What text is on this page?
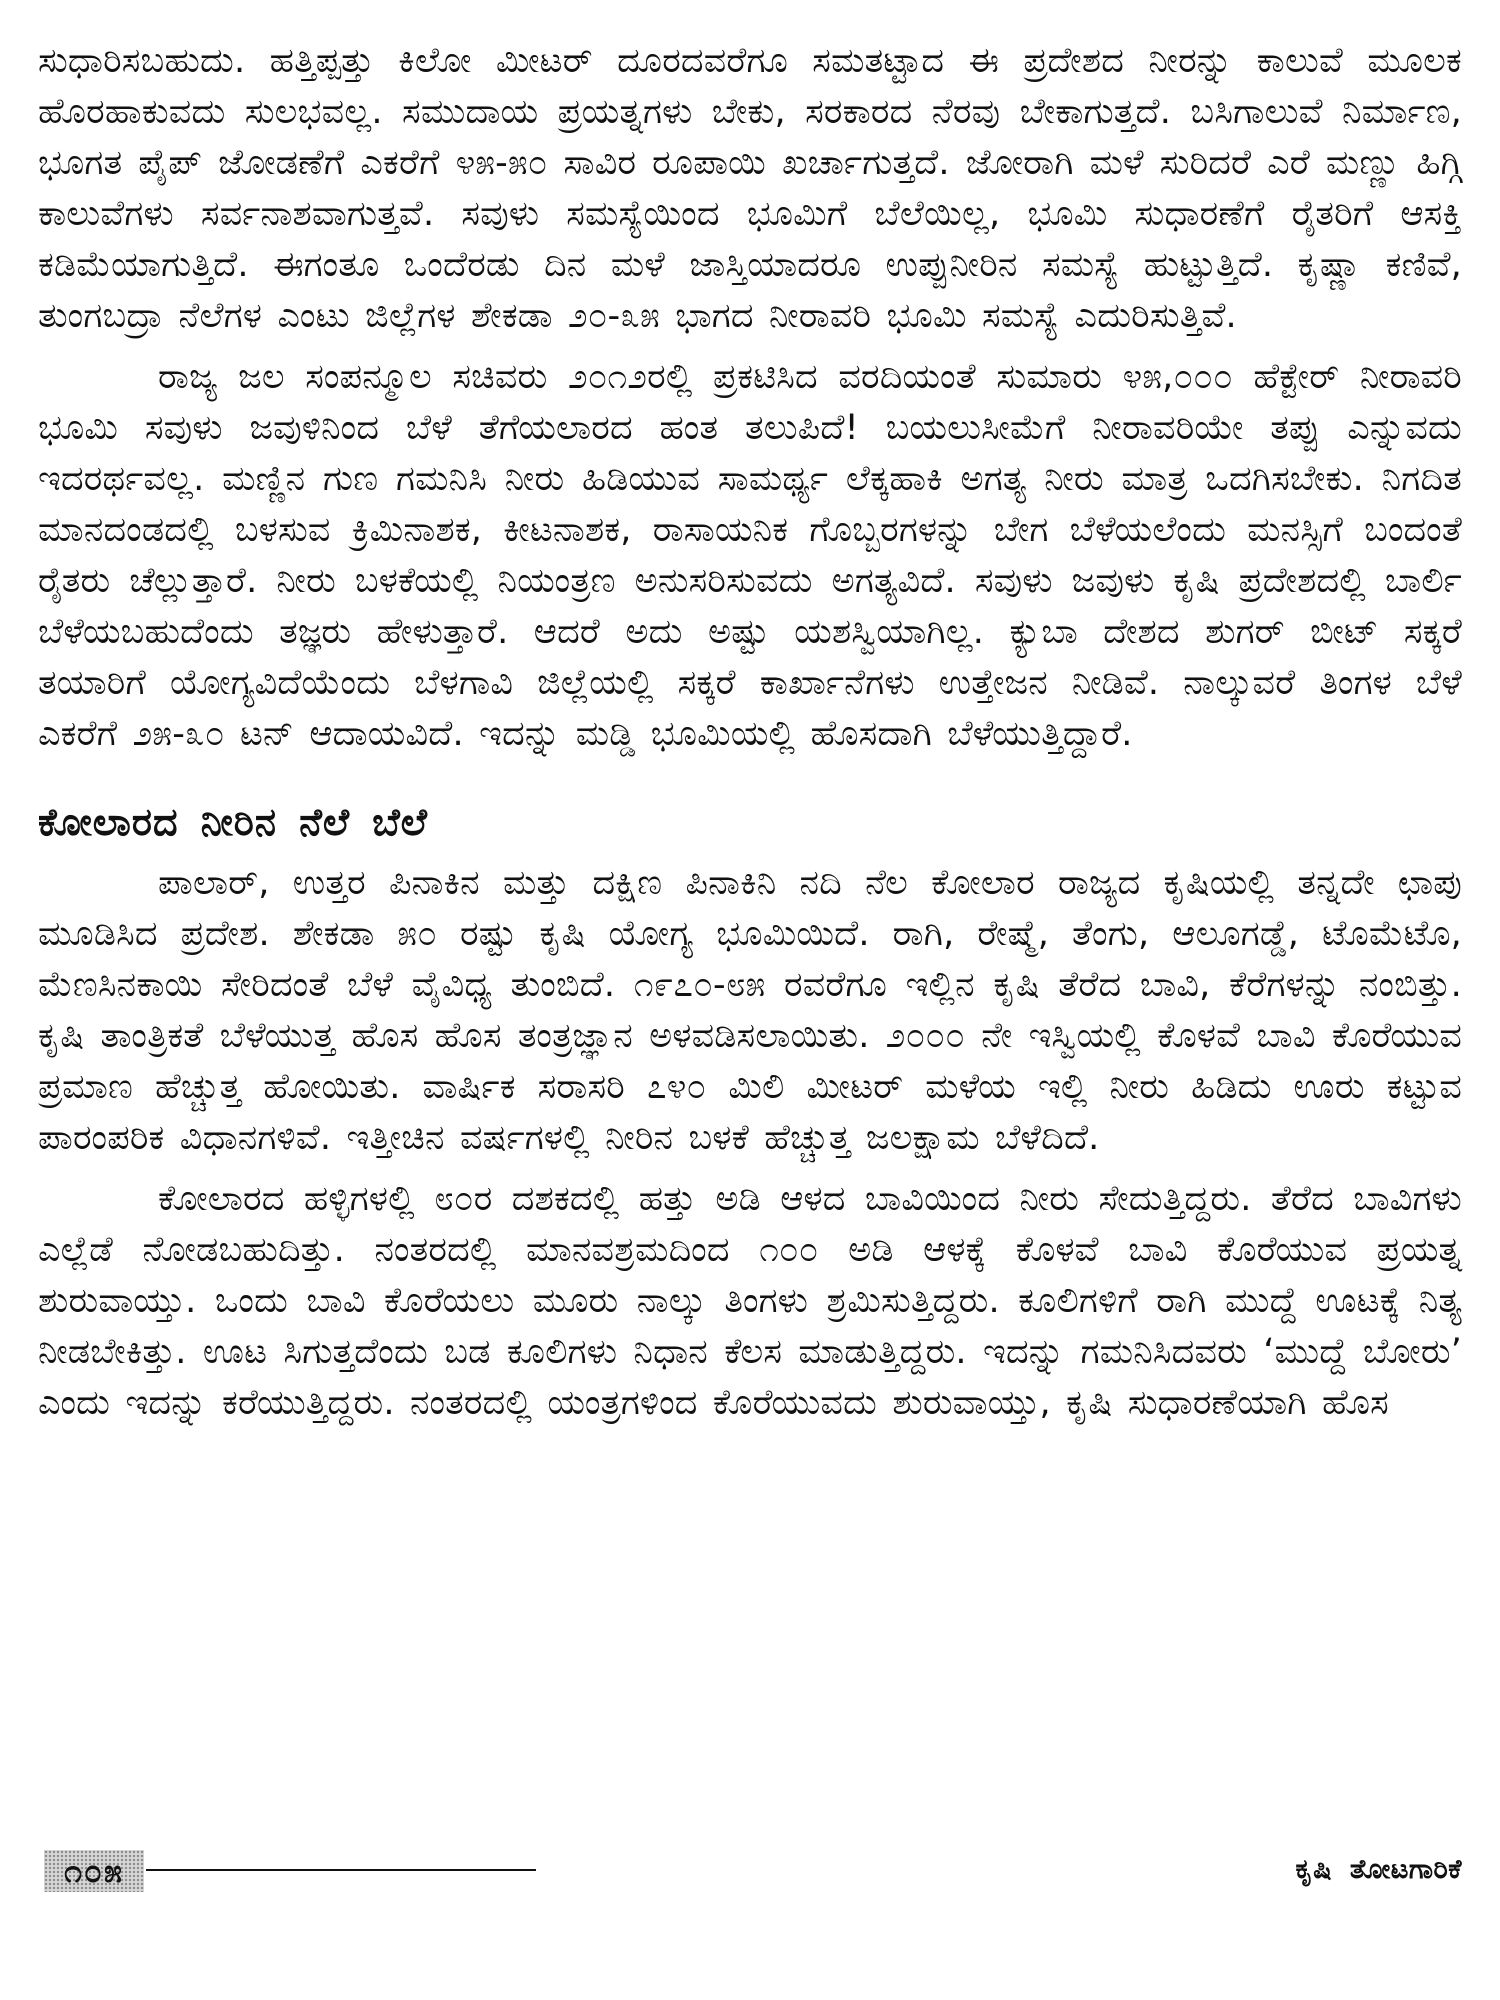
ಸುಧಾರಿಸಬಹುದು. ಹತ್ತಿಪ್ಪತ್ತು ಕಿಲೋ ಮೀಟರ್ ದೂರದವರೆಗೂ ಸಮತಟ್ಟಾದ ಈ ಪ್ರದೇಶದ ನೀರನ್ನು ಕಾಲುವೆ ಮೂಲಕ ಹೊರಹಾಕುವದು ಸುಲಭವಲ್ಲ. ಸಮುದಾಯ ಪ್ರಯತ್ನಗಳು ಬೇಕು, ಸರಕಾರದ ನೆರವು ಬೇಕಾಗುತ್ತದೆ. ಬಸಿಗಾಲುವೆ ನಿರ್ಮಾಣ, ಭೂಗತ ಪೈಪ್ ಜೋಡಣೆಗೆ ಎಕರೆಗೆ ೪೫-೫೦ ಸಾವಿರ ರೂಪಾಯಿ ಖರ್ಚಾಗುತ್ತದೆ. ಜೋರಾಗಿ ಮಳೆ ಸುರಿದರೆ ಎರೆ ಮಣ್ಣು ಹಿಗ್ಗಿ ಕಾಲುವೆಗಳು ಸರ್ವನಾಶವಾಗುತ್ತವೆ. ಸವುಳು ಸಮಸ್ಯೆಯಿಂದ ಭೂಮಿಗೆ ಬೆಲೆಯಿಲ್ಲ, ಭೂಮಿ ಸುಧಾರಣೆಗೆ ರೈತರಿಗೆ ಆಸಕ್ತಿ ಕಡಿಮೆಯಾಗುತ್ತಿದೆ. ಈಗಂತೂ ಒಂದೆರಡು ದಿನ ಮಳೆ ಜಾಸ್ತಿಯಾದರೂ ಉಪ್ಪುನೀರಿನ ಸಮಸ್ಯೆ ಹುಟ್ಟುತ್ತಿದೆ. ಕೃಷ್ಣಾ ಕಣಿವೆ, ತುಂಗಬದ್ರಾ ನೆಲೆಗಳ ಎಂಟು ಜಿಲ್ಲೆಗಳ ಶೇಕಡಾ ೨೦-೩೫ ಭಾಗದ ನೀರಾವರಿ ಭೂಮಿ ಸಮಸ್ಯೆ ಎದುರಿಸುತ್ತಿವೆ.

ರಾಜ್ಯ ಜಲ ಸಂಪನ್ಮೂಲ ಸಚಿವರು ೨೦೧೨ರಲ್ಲಿ ಪ್ರಕಟಿಸಿದ ವರದಿಯಂತೆ ಸುಮಾರು ೪೫,೦೦೦ ಹೆಕ್ಟೇರ್ ನೀರಾವರಿ ಭೂಮಿ ಸವುಳು ಜವುಳಿನಿಂದ ಬೆಳೆ ತೆಗೆಯಲಾರದ ಹಂತ ತಲುಪಿದೆ! ಬಯಲುಸೀಮೆಗೆ ನೀರಾವರಿಯೇ ತಪ್ಪು ಎನ್ನುವದು ಇದರರ್ಥವಲ್ಲ. ಮಣ್ಣಿನ ಗುಣ ಗಮನಿಸಿ ನೀರು ಹಿಡಿಯುವ ಸಾಮರ್ಥ್ಯ ಲೆಕ್ಕಹಾಕಿ ಅಗತ್ಯ ನೀರು ಮಾತ್ರ ಒದಗಿಸಬೇಕು. ನಿಗದಿತ ಮಾನದಂಡದಲ್ಲಿ ಬಳಸುವ ಕ್ರಿಮಿನಾಶಕ, ಕೀಟನಾಶಕ, ರಾಸಾಯನಿಕ ಗೊಬ್ಬರಗಳನ್ನು ಬೇಗ ಬೆಳೆಯಲೆಂದು ಮನಸ್ಸಿಗೆ ಬಂದಂತೆ ರೈತರು ಚೆಲ್ಲುತ್ತಾರೆ. ನೀರು ಬಳಕೆಯಲ್ಲಿ ನಿಯಂತ್ರಣ ಅನುಸರಿಸುವದು ಅಗತ್ಯವಿದೆ. ಸವುಳು ಜವುಳು ಕೃಷಿ ಪ್ರದೇಶದಲ್ಲಿ ಬಾರ್ಲಿ ಬೆಳೆಯಬಹುದೆಂದು ತಜ್ಞರು ಹೇಳುತ್ತಾರೆ. ಆದರೆ ಅದು ಅಷ್ಟು ಯಶಸ್ವಿಯಾಗಿಲ್ಲ. ಕ್ಯುಬಾ ದೇಶದ ಶುಗರ್ ಬೀಟ್ ಸಕ್ಕರೆ ತಯಾರಿಗೆ ಯೋಗ್ಯವಿದೆಯೆಂದು ಬೆಳಗಾವಿ ಜಿಲ್ಲೆಯಲ್ಲಿ ಸಕ್ಕರೆ ಕಾರ್ಖಾನೆಗಳು ಉತ್ತೇಜನ ನೀಡಿವೆ. ನಾಲ್ಕುವರೆ ತಿಂಗಳ ಬೆಳೆ ಎಕರೆಗೆ ೨೫-೩೦ ಟನ್ ಆದಾಯವಿದೆ. ಇದನ್ನು ಮಡ್ಡಿ ಭೂಮಿಯಲ್ಲಿ ಹೊಸದಾಗಿ ಬೆಳೆಯುತ್ತಿದ್ದಾರೆ.

ಕೋಲಾರದ ನೀರಿನ ನೆಲೆ ಬೆಲೆ

ಪಾಲಾರ್, ಉತ್ತರ ಪಿನಾಕಿನ ಮತ್ತು ದಕ್ಷಿಣ ಪಿನಾಕಿನಿ ನದಿ ನೆಲ ಕೋಲಾರ ರಾಜ್ಯದ ಕೃಷಿಯಲ್ಲಿ ತನ್ನದೇ ಛಾಪು ಮೂಡಿಸಿದ ಪ್ರದೇಶ. ಶೇಕಡಾ ೫೦ ರಷ್ಟು ಕೃಷಿ ಯೋಗ್ಯ ಭೂಮಿಯಿದೆ. ರಾಗಿ, ರೇಷ್ಮೆ, ತೆಂಗು, ಆಲೂಗಡ್ಡೆ, ಟೊಮೆಟೊ, ಮೆಣಸಿನಕಾಯಿ ಸೇರಿದಂತೆ ಬೆಳೆ ವೈವಿಧ್ಯ ತುಂಬಿದೆ. ೧೯೭೦-೮೫ ರವರೆಗೂ ಇಲ್ಲಿನ ಕೃಷಿ ತೆರೆದ ಬಾವಿ, ಕೆರೆಗಳನ್ನು ನಂಬಿತ್ತು. ಕೃಷಿ ತಾಂತ್ರಿಕತೆ ಬೆಳೆಯುತ್ತ ಹೊಸ ಹೊಸ ತಂತ್ರಜ್ಞಾನ ಅಳವಡಿಸಲಾಯಿತು. ೨೦೦೦ ನೇ ಇಸ್ವಿಯಲ್ಲಿ ಕೊಳವೆ ಬಾವಿ ಕೊರೆಯುವ ಪ್ರಮಾಣ ಹೆಚ್ಚುತ್ತ ಹೋಯಿತು. ವಾರ್ಷಿಕ ಸರಾಸರಿ ೭೪೦ ಮಿಲಿ ಮೀಟರ್ ಮಳೆಯ ಇಲ್ಲಿ ನೀರು ಹಿಡಿದು ಊರು ಕಟ್ಟುವ ಪಾರಂಪರಿಕ ವಿಧಾನಗಳಿವೆ. ಇತ್ತೀಚಿನ ವರ್ಷಗಳಲ್ಲಿ ನೀರಿನ ಬಳಕೆ ಹೆಚ್ಚುತ್ತ ಜಲಕ್ಷಾಮ ಬೆಳೆದಿದೆ.

ಕೋಲಾರದ ಹಳ್ಳಿಗಳಲ್ಲಿ ೮೦ರ ದಶಕದಲ್ಲಿ ಹತ್ತು ಅಡಿ ಆಳದ ಬಾವಿಯಿಂದ ನೀರು ಸೇದುತ್ತಿದ್ದರು. ತೆರೆದ ಬಾವಿಗಳು ಎಲ್ಲೆಡೆ ನೋಡಬಹುದಿತ್ತು. ನಂತರದಲ್ಲಿ ಮಾನವಶ್ರಮದಿಂದ ೧೦೦ ಅಡಿ ಆಳಕ್ಕೆ ಕೊಳವೆ ಬಾವಿ ಕೊರೆಯುವ ಪ್ರಯತ್ನ ಶುರುವಾಯ್ತು. ಒಂದು ಬಾವಿ ಕೊರೆಯಲು ಮೂರು ನಾಲ್ಕು ತಿಂಗಳು ಶ್ರಮಿಸುತ್ತಿದ್ದರು. ಕೂಲಿಗಳಿಗೆ ರಾಗಿ ಮುದ್ದೆ ಊಟಕ್ಕೆ ನಿತ್ಯ ನೀಡಬೇಕಿತ್ತು. ಊಟ ಸಿಗುತ್ತದೆಂದು ಬಡ ಕೂಲಿಗಳು ನಿಧಾನ ಕೆಲಸ ಮಾಡುತ್ತಿದ್ದರು. ಇದನ್ನು ಗಮನಿಸಿದವರು ‘ಮುದ್ದೆ ಬೋರು’ ಎಂದು ಇದನ್ನು ಕರೆಯುತ್ತಿದ್ದರು. ನಂತರದಲ್ಲಿ ಯಂತ್ರಗಳಿಂದ ಕೊರೆಯುವದು ಶುರುವಾಯ್ತು, ಕೃಷಿ ಸುಧಾರಣೆಯಾಗಿ ಹೊಸ

೧೦೫	ಕೃಷಿ ತೋಟಗಾರಿಕೆ
